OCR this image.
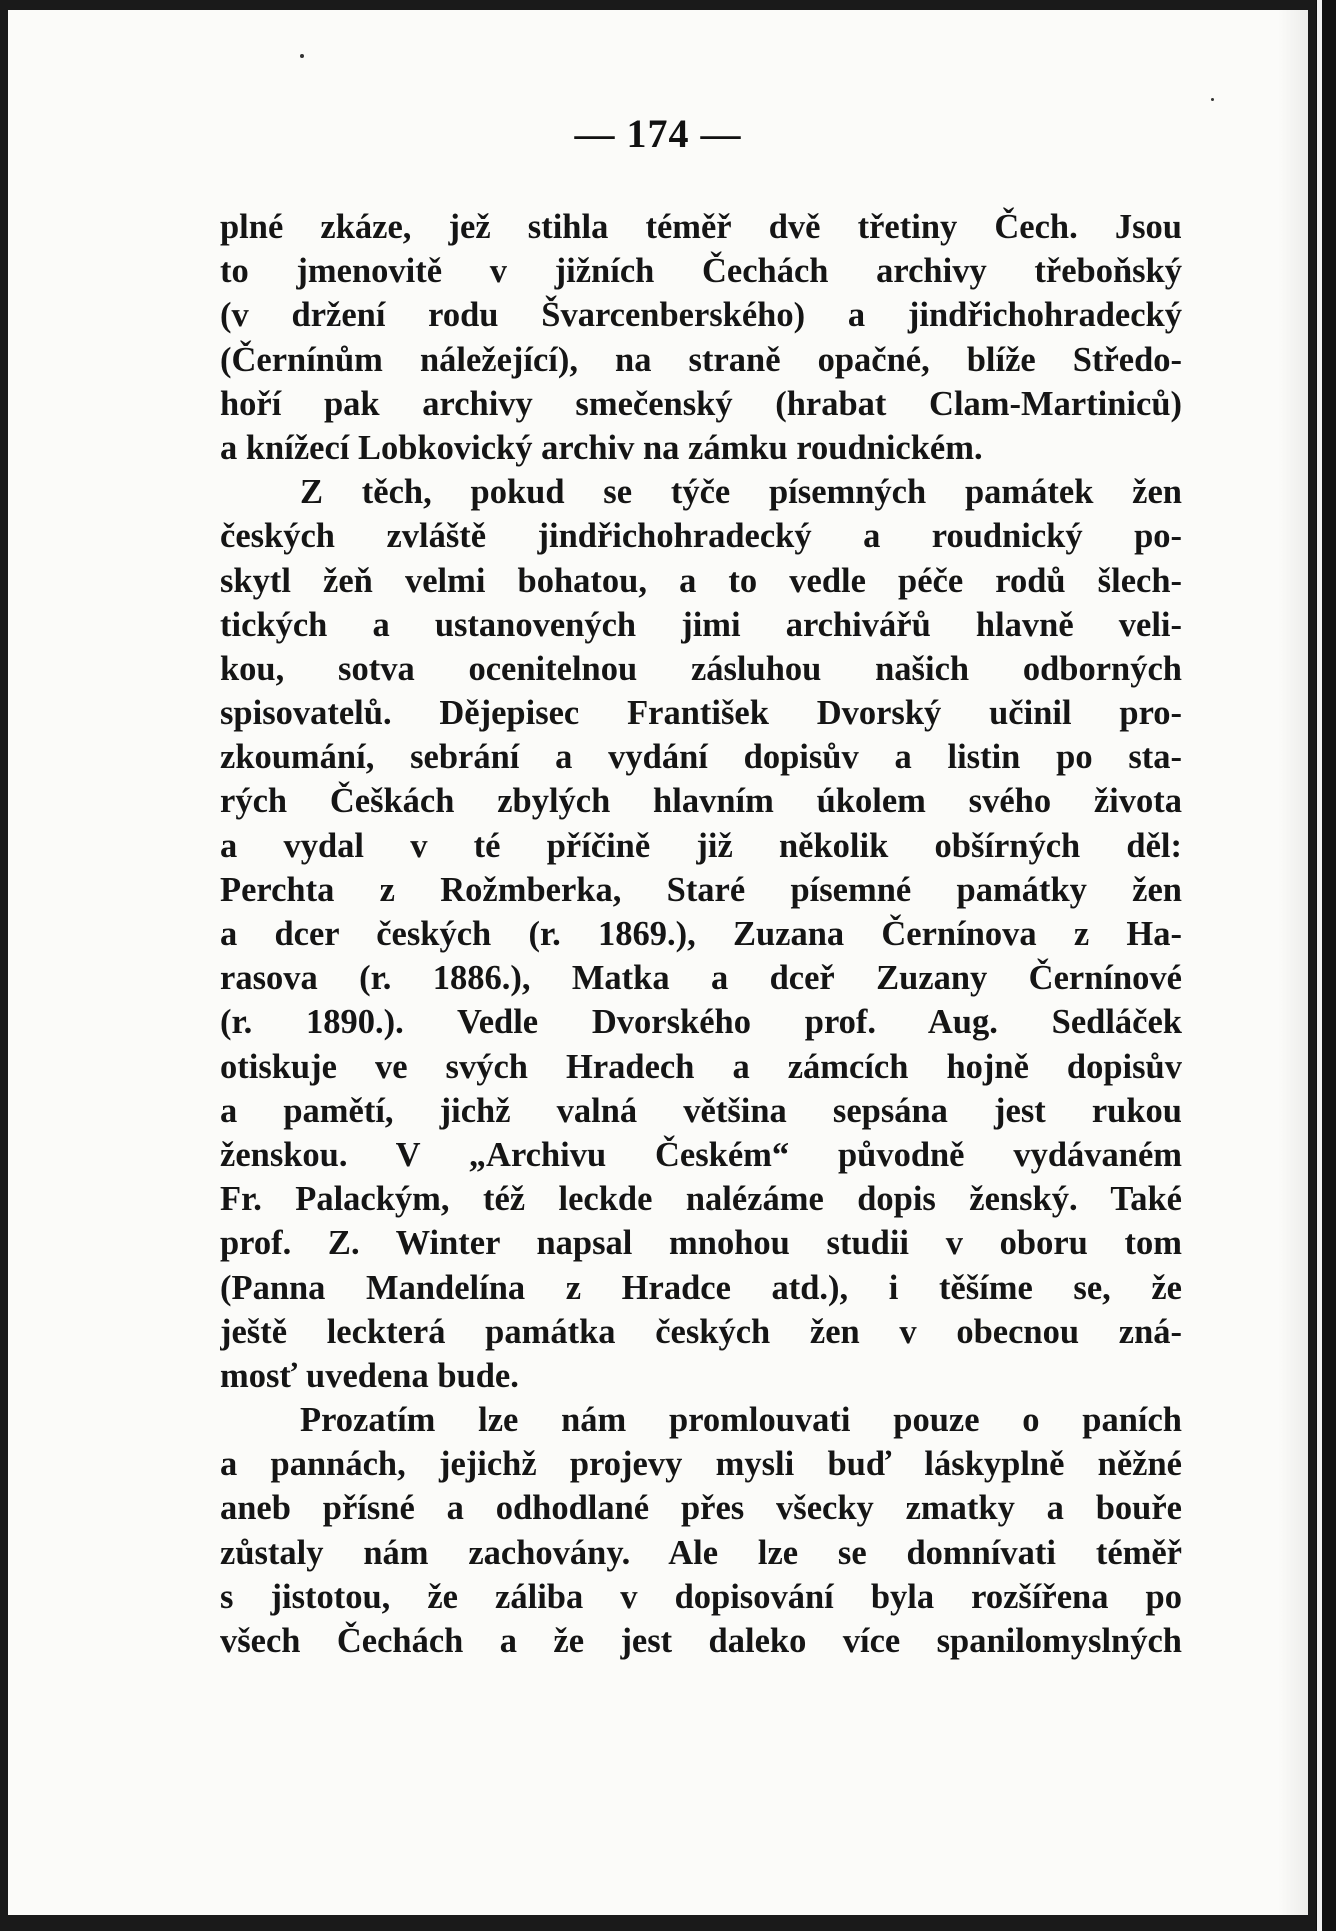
— 174 —
plné zkáze, jež stihla téměř dvě třetiny Čech. Jsou
to jmenovitě v jižních Čechách archivy třeboňský
(v držení rodu Švarcenberského) a jindřichohradecký
(Černínům náležející), na straně opačné, blíže Středo-
hoří pak archivy smečenský (hrabat Clam-Martiniců)
a knížecí Lobkovický archiv na zámku roudnickém.
Z těch, pokud se týče písemných památek žen
českých zvláště jindřichohradecký a roudnický po-
skytl žeň velmi bohatou, a to vedle péče rodů šlech-
tických a ustanovených jimi archivářů hlavně veli-
kou, sotva ocenitelnou zásluhou našich odborných
spisovatelů. Dějepisec František Dvorský učinil pro-
zkoumání, sebrání a vydání dopisův a listin po sta-
rých Češkách zbylých hlavním úkolem svého života
a vydal v té příčině již několik obšírných děl:
Perchta z Rožmberka, Staré písemné památky žen
a dcer českých (r. 1869.), Zuzana Černínova z Ha-
rasova (r. 1886.), Matka a dceř Zuzany Černínové
(r. 1890.). Vedle Dvorského prof. Aug. Sedláček
otiskuje ve svých Hradech a zámcích hojně dopisův
a pamětí, jichž valná většina sepsána jest rukou
ženskou. V „Archivu Českém“ původně vydávaném
Fr. Palackým, též leckde nalézáme dopis ženský. Také
prof. Z. Winter napsal mnohou studii v oboru tom
(Panna Mandelína z Hradce atd.), i těšíme se, že
ještě leckterá památka českých žen v obecnou zná-
mosť uvedena bude.
Prozatím lze nám promlouvati pouze o paních
a pannách, jejichž projevy mysli buď láskyplně něžné
aneb přísné a odhodlané přes všecky zmatky a bouře
zůstaly nám zachovány. Ale lze se domnívati téměř
s jistotou, že záliba v dopisování byla rozšířena po
všech Čechách a že jest daleko více spanilomyslných
